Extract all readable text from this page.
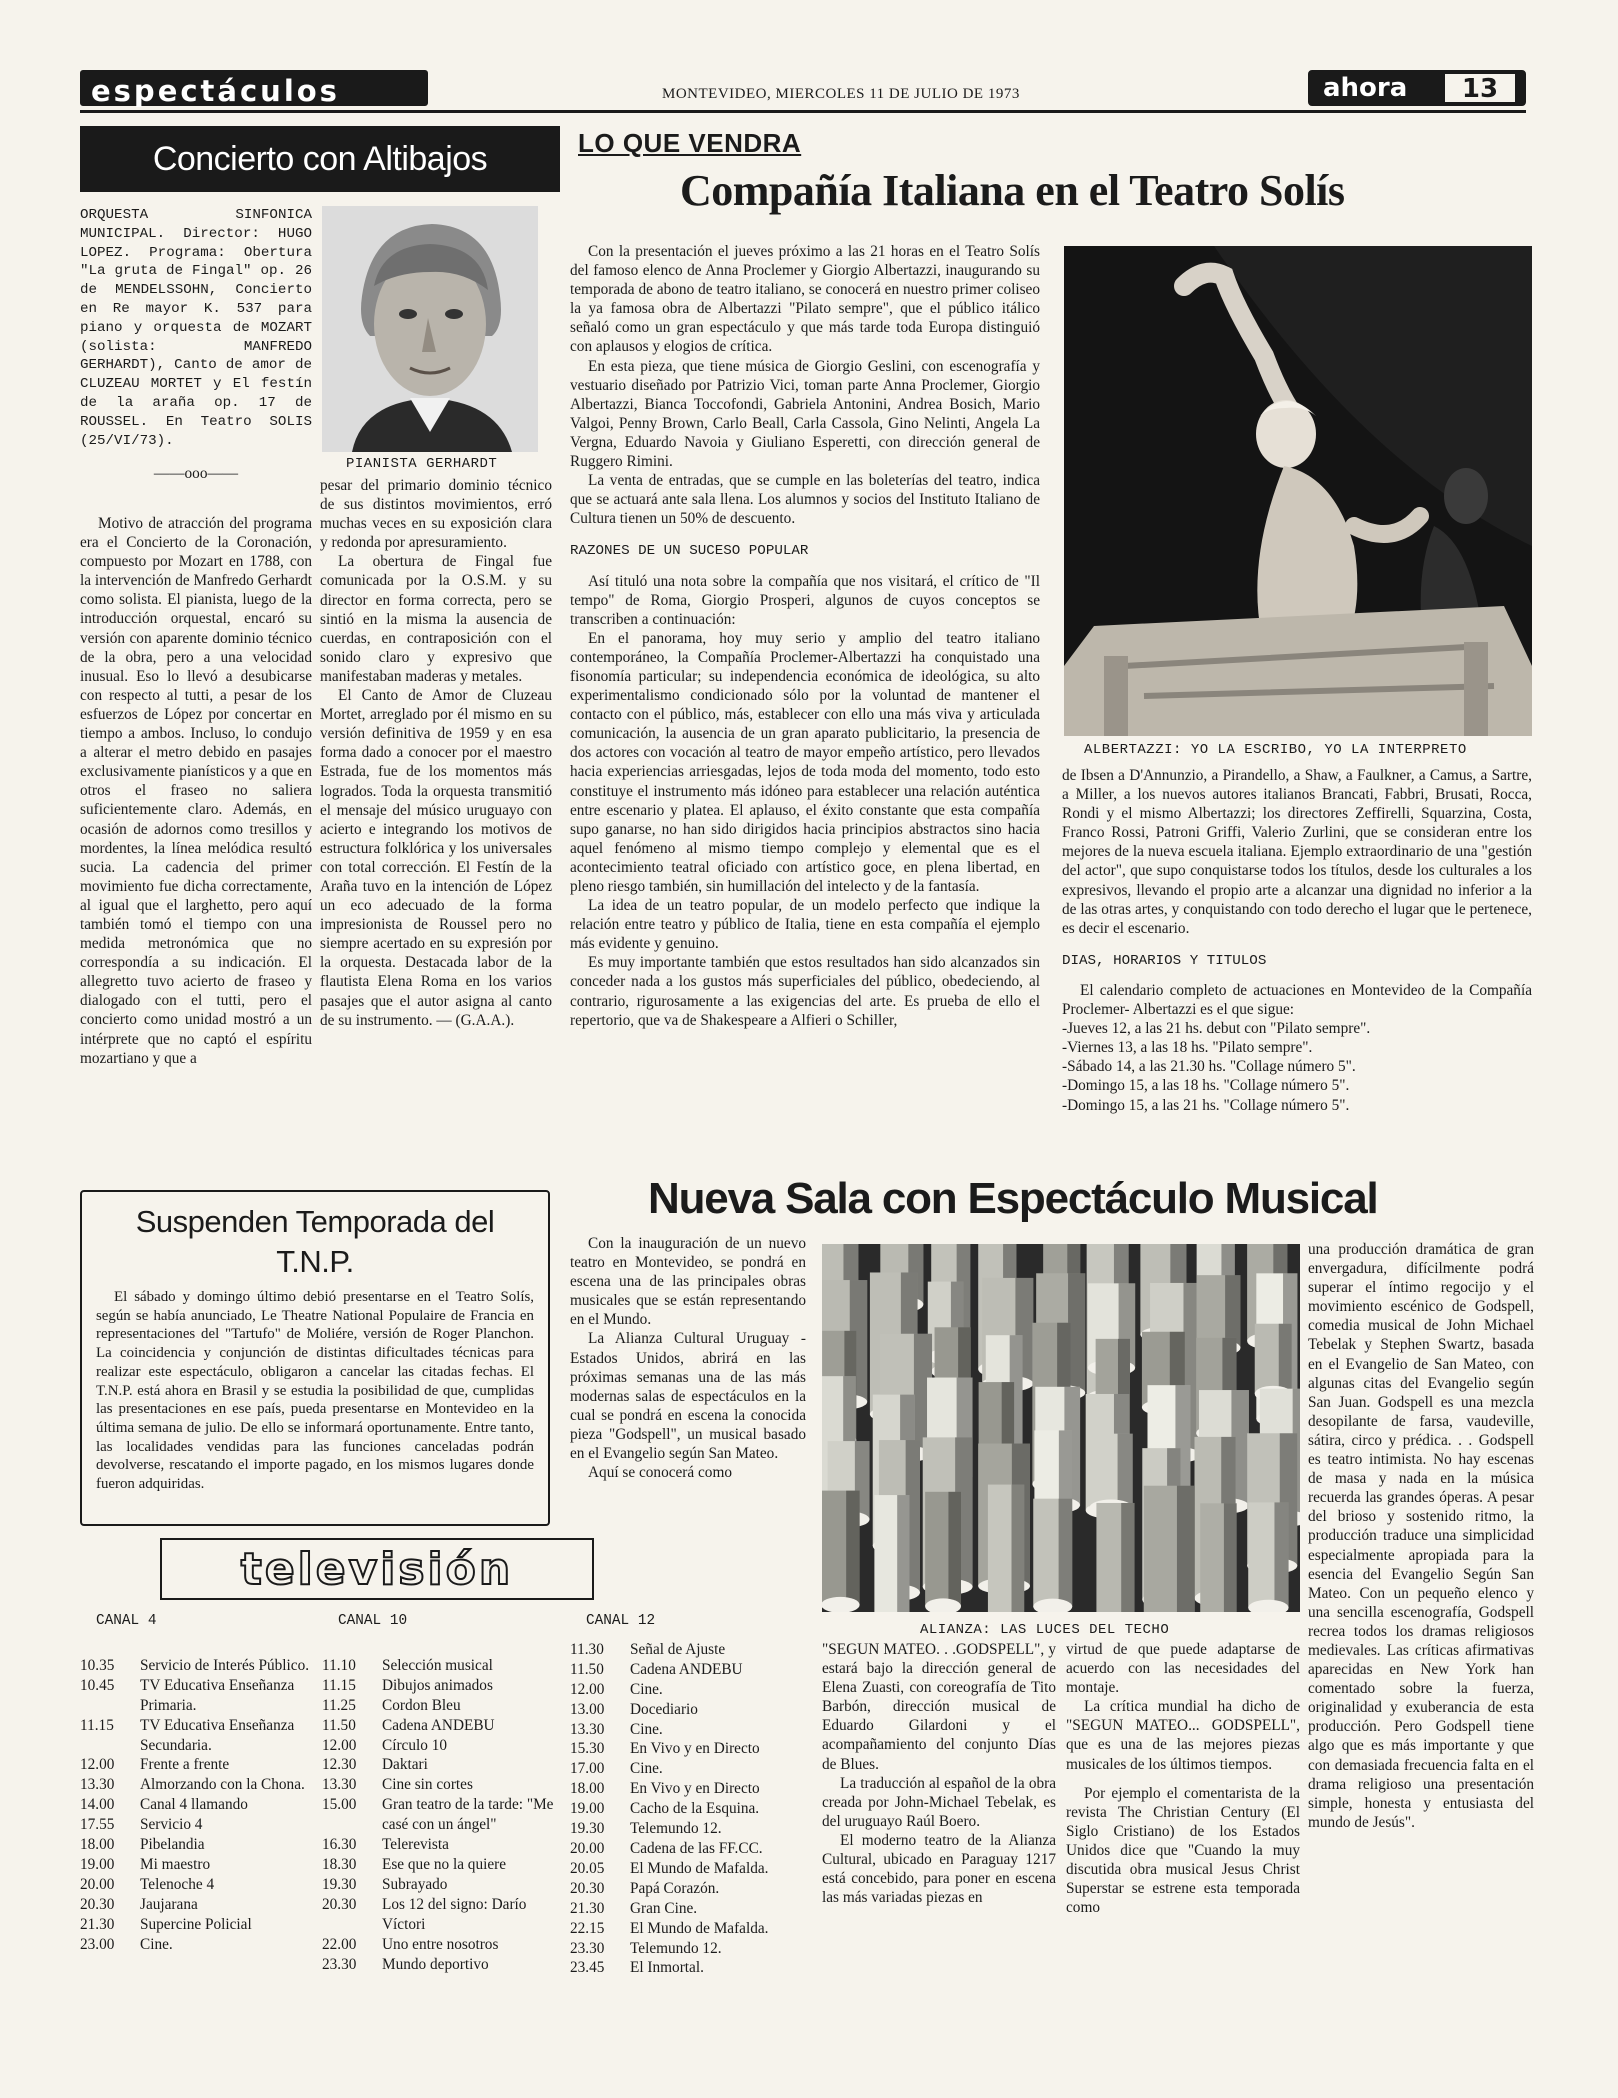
espectáculos	MONTEVIDEO, MIERCOLES 11 DE JULIO DE 1973	ahora	13
Concierto con Altibajos

ORQUESTA SINFONICA MUNICIPAL. Director: HUGO LOPEZ. Programa: Obertura "La gruta de Fingal" op. 26 de MENDELSSOHN, Concierto en Re mayor K. 537 para piano y orquesta de MOZART (solista: MANFREDO GERHARDT), Canto de amor de CLUZEAU MORTET y El festín de la araña op. 17 de ROUSSEL. En Teatro SOLIS (25/VI/73).

——ooo——

PIANISTA GERHARDT

Motivo de atracción del programa era el Concierto de la Coronación, compuesto por Mozart en 1788, con la intervención de Manfredo Gerhardt como solista. El pianista, luego de la introducción orquestal, encaró su versión con aparente dominio técnico de la obra, pero a una velocidad inusual. Eso lo llevó a desubicarse con respecto al tutti, a pesar de los esfuerzos de López por concertar en tiempo a ambos. Incluso, lo condujo a alterar el metro debido en pasajes exclusivamente pianísticos y a que en otros el fraseo no saliera suficientemente claro. Además, en ocasión de adornos como tresillos y mordentes, la línea melódica resultó sucia. La cadencia del primer movimiento fue dicha correctamente, al igual que el larghetto, pero aquí también tomó el tiempo con una medida metronómica que no correspondía a su indicación. El allegretto tuvo acierto de fraseo y dialogado con el tutti, pero el concierto como unidad mostró a un intérprete que no captó el espíritu mozartiano y que a

pesar del primario dominio técnico de sus distintos movimientos, erró muchas veces en su exposición clara y redonda por apresuramiento.

La obertura de Fingal fue comunicada por la O.S.M. y su director en forma correcta, pero se sintió en la misma la ausencia de cuerdas, en contraposición con el sonido claro y expresivo que manifestaban maderas y metales.

El Canto de Amor de Cluzeau Mortet, arreglado por él mismo en su versión definitiva de 1959 y en esa forma dado a conocer por el maestro Estrada, fue de los momentos más logrados. Toda la orquesta transmitió el mensaje del músico uruguayo con acierto e integrando los motivos de estructura folklórica y los universales con total corrección. El Festín de la Araña tuvo en la intención de López un eco adecuado de la forma impresionista de Roussel pero no siempre acertado en su expresión por la orquesta. Destacada labor de la flautista Elena Roma en los varios pasajes que el autor asigna al canto de su instrumento. — (G.A.A.).

Suspenden Temporada del T.N.P.

El sábado y domingo último debió presentarse en el Teatro Solís, según se había anunciado, Le Theatre National Populaire de Francia en representaciones del "Tartufo" de Moliére, versión de Roger Planchon. La coincidencia y conjunción de distintas dificultades técnicas para realizar este espectáculo, obligaron a cancelar las citadas fechas. El T.N.P. está ahora en Brasil y se estudia la posibilidad de que, cumplidas las presentaciones en ese país, pueda presentarse en Montevideo en la última semana de julio. De ello se informará oportunamente. Entre tanto, las localidades vendidas para las funciones canceladas podrán devolverse, rescatando el importe pagado, en los mismos lugares donde fueron adquiridas.

LO QUE VENDRA
Compañía Italiana en el Teatro Solís

Con la presentación el jueves próximo a las 21 horas en el Teatro Solís del famoso elenco de Anna Proclemer y Giorgio Albertazzi, inaugurando su temporada de abono de teatro italiano, se conocerá en nuestro primer coliseo la ya famosa obra de Albertazzi "Pilato sempre", que el público itálico señaló como un gran espectáculo y que más tarde toda Europa distinguió con aplausos y elogios de crítica.

En esta pieza, que tiene música de Giorgio Geslini, con escenografía y vestuario diseñado por Patrizio Vici, toman parte Anna Proclemer, Giorgio Albertazzi, Bianca Toccofondi, Gabriela Antonini, Andrea Bosich, Mario Valgoi, Penny Brown, Carlo Beall, Carla Cassola, Gino Nelinti, Angela La Vergna, Eduardo Navoia y Giuliano Esperetti, con dirección general de Ruggero Rimini.

La venta de entradas, que se cumple en las boleterías del teatro, indica que se actuará ante sala llena. Los alumnos y socios del Instituto Italiano de Cultura tienen un 50% de descuento.

RAZONES DE UN SUCESO POPULAR

Así tituló una nota sobre la compañía que nos visitará, el crítico de "Il tempo" de Roma, Giorgio Prosperi, algunos de cuyos conceptos se transcriben a continuación:

En el panorama, hoy muy serio y amplio del teatro italiano contemporáneo, la Compañía Proclemer-Albertazzi ha conquistado una fisonomía particular; su independencia económica de ideológica, su alto experimentalismo condicionado sólo por la voluntad de mantener el contacto con el público, más, establecer con ello una más viva y articulada comunicación, la ausencia de un gran aparato publicitario, la presencia de dos actores con vocación al teatro de mayor empeño artístico, pero llevados hacia experiencias arriesgadas, lejos de toda moda del momento, todo esto constituye el instrumento más idóneo para establecer una relación auténtica entre escenario y platea. El aplauso, el éxito constante que esta compañía supo ganarse, no han sido dirigidos hacia principios abstractos sino hacia aquel fenómeno al mismo tiempo complejo y elemental que es el acontecimiento teatral oficiado con artístico goce, en plena libertad, en pleno riesgo también, sin humillación del intelecto y de la fantasía.

La idea de un teatro popular, de un modelo perfecto que indique la relación entre teatro y público de Italia, tiene en esta compañía el ejemplo más evidente y genuino.

Es muy importante también que estos resultados han sido alcanzados sin conceder nada a los gustos más superficiales del público, obedeciendo, al contrario, rigurosamente a las exigencias del arte. Es prueba de ello el repertorio, que va de Shakespeare a Alfieri o Schiller,

ALBERTAZZI: YO LA ESCRIBO, YO LA INTERPRETO

de Ibsen a D'Annunzio, a Pirandello, a Shaw, a Faulkner, a Camus, a Sartre, a Miller, a los nuevos autores italianos Brancati, Fabbri, Brusati, Rocca, Rondi y el mismo Albertazzi; los directores Zeffirelli, Squarzina, Costa, Franco Rossi, Patroni Griffi, Valerio Zurlini, que se consideran entre los mejores de la nueva escuela italiana. Ejemplo extraordinario de una "gestión del actor", que supo conquistarse todos los títulos, desde los culturales a los expresivos, llevando el propio arte a alcanzar una dignidad no inferior a la de las otras artes, y conquistando con todo derecho el lugar que le pertenece, es decir el escenario.

DIAS, HORARIOS Y TITULOS

El calendario completo de actuaciones en Montevideo de la Compañía Proclemer- Albertazzi es el que sigue:

-Jueves 12, a las 21 hs. debut con "Pilato sempre".

-Viernes 13, a las 18 hs. "Pilato sempre".

-Sábado 14, a las 21.30 hs. "Collage número 5".

-Domingo 15, a las 18 hs. "Collage número 5".

-Domingo 15, a las 21 hs. "Collage número 5".

Nueva Sala con Espectáculo Musical

Con la inauguración de un nuevo teatro en Montevideo, se pondrá en escena una de las principales obras musicales que se están representando en el Mundo.

La Alianza Cultural Uruguay -Estados Unidos, abrirá en las próximas semanas una de las más modernas salas de espectáculos en la cual se pondrá en escena la conocida pieza "Godspell", un musical basado en el Evangelio según San Mateo.

Aquí se conocerá como

ALIANZA: LAS LUCES DEL TECHO

"SEGUN MATEO. . .GODSPELL", y estará bajo la dirección general de Elena Zuasti, con coreografía de Tito Barbón, dirección musical de Eduardo Gilardoni y el acompañamiento del conjunto Días de Blues.

La traducción al español de la obra creada por John-Michael Tebelak, es del uruguayo Raúl Boero.

El moderno teatro de la Alianza Cultural, ubicado en Paraguay 1217 está concebido, para poner en escena las más variadas piezas en

virtud de que puede adaptarse de acuerdo con las necesidades del montaje.

La crítica mundial ha dicho de "SEGUN MATEO... GODSPELL", que es una de las mejores piezas musicales de los últimos tiempos.

Por ejemplo el comentarista de la revista The Christian Century (El Siglo Cristiano) de los Estados Unidos dice que "Cuando la muy discutida obra musical Jesus Christ Superstar se estrene esta temporada como

una producción dramática de gran envergadura, difícilmente podrá superar el íntimo regocijo y el movimiento escénico de Godspell, comedia musical de John Michael Tebelak y Stephen Swartz, basada en el Evangelio de San Mateo, con algunas citas del Evangelio según San Juan. Godspell es una mezcla desopilante de farsa, vaudeville, sátira, circo y prédica. . . Godspell es teatro intimista. No hay escenas de masa y nada en la música recuerda las grandes óperas. A pesar del brioso y sostenido ritmo, la producción traduce una simplicidad especialmente apropiada para la esencia del Evangelio Según San Mateo. Con un pequeño elenco y una sencilla escenografía, Godspell recrea todos los dramas religiosos medievales. Las críticas afirmativas aparecidas en New York han comentado sobre la fuerza, originalidad y exuberancia de esta producción. Pero Godspell tiene algo que es más importante y que con demasiada frecuencia falta en el drama religioso una presentación simple, honesta y entusiasta del mundo de Jesús".

televisión
CANAL 4
10.35	Servicio de Interés Público.
10.45	TV Educativa Enseñanza Primaria.
11.15	TV Educativa Enseñanza Secundaria.
12.00	Frente a frente
13.30	Almorzando con la Chona.
14.00	Canal 4 llamando
17.55	Servicio 4
18.00	Pibelandia
19.00	Mi maestro
20.00	Telenoche 4
20.30	Jaujarana
21.30	Supercine Policial
23.00	Cine.
CANAL 10
11.10	Selección musical
11.15	Dibujos animados
11.25	Cordon Bleu
11.50	Cadena ANDEBU
12.00	Círculo 10
12.30	Daktari
13.30	Cine sin cortes
15.00	Gran teatro de la tarde: "Me casé con un ángel"
16.30	Telerevista
18.30	Ese que no la quiere
19.30	Subrayado
20.30	Los 12 del signo: Darío Víctori
22.00	Uno entre nosotros
23.30	Mundo deportivo
CANAL 12
11.30	Señal de Ajuste
11.50	Cadena ANDEBU
12.00	Cine.
13.00	Docediario
13.30	Cine.
15.30	En Vivo y en Directo
17.00	Cine.
18.00	En Vivo y en Directo
19.00	Cacho de la Esquina.
19.30	Telemundo 12.
20.00	Cadena de las FF.CC.
20.05	El Mundo de Mafalda.
20.30	Papá Corazón.
21.30	Gran Cine.
22.15	El Mundo de Mafalda.
23.30	Telemundo 12.
23.45	El Inmortal.
